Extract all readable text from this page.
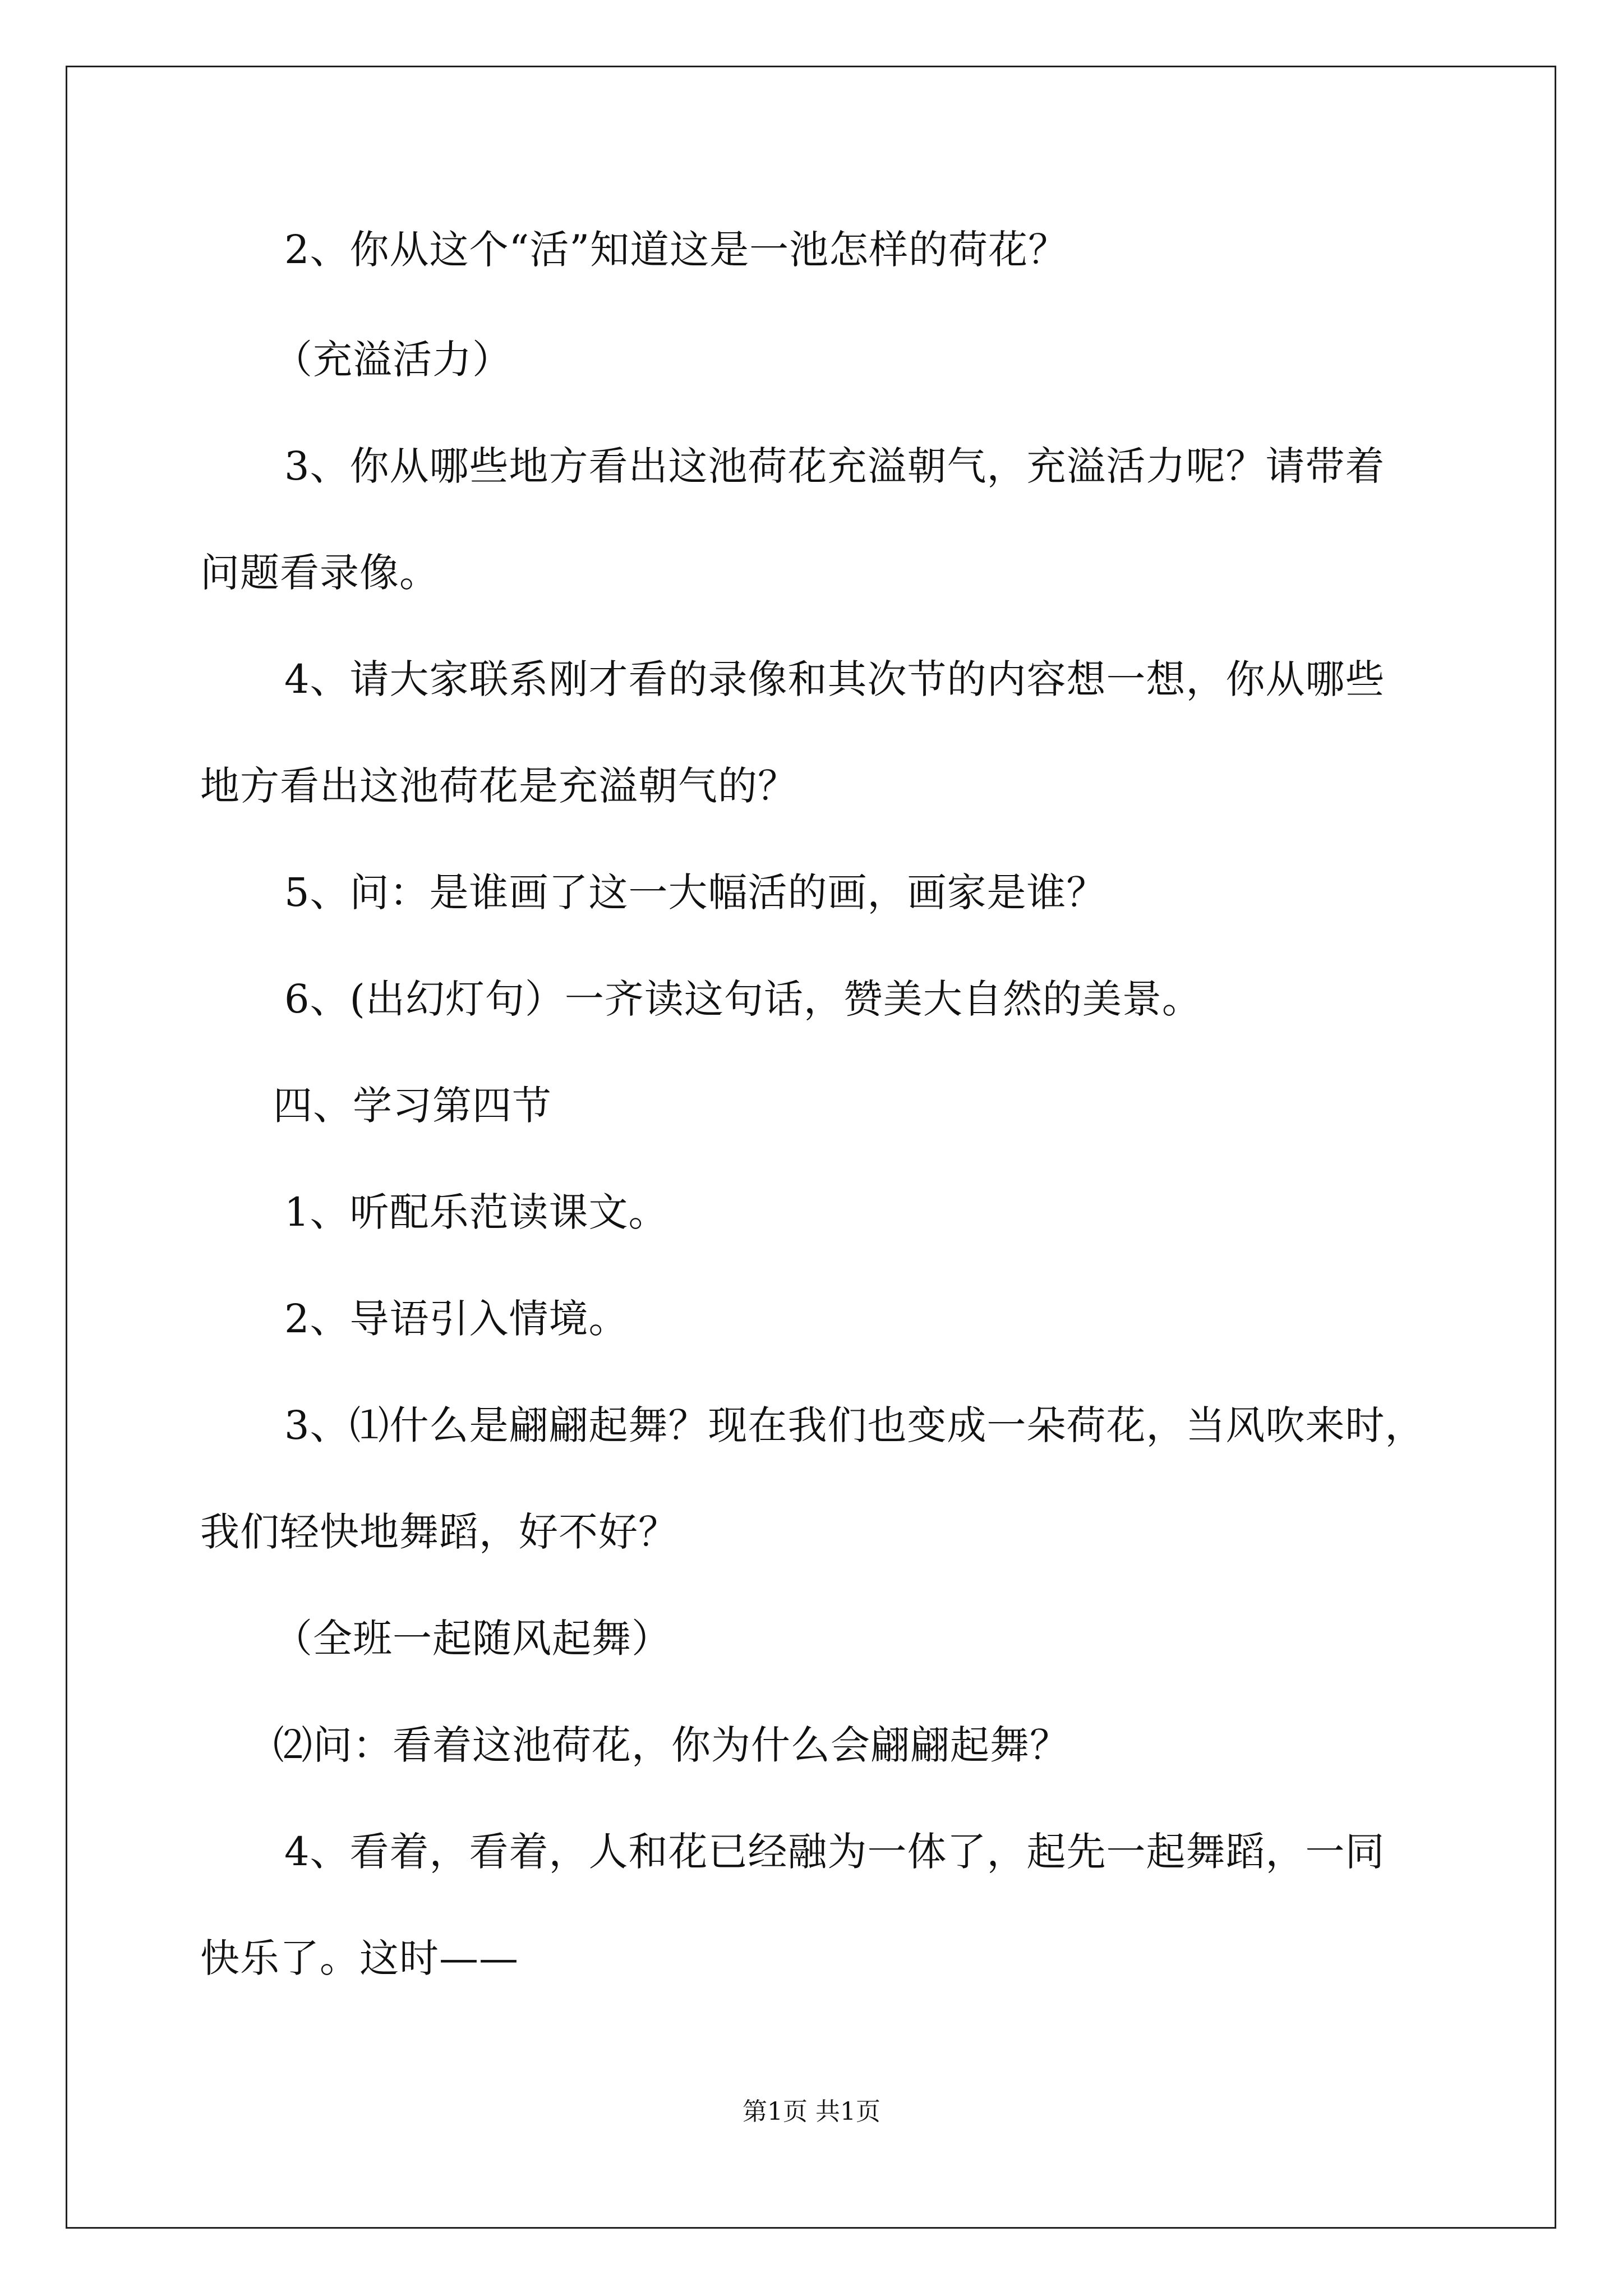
2、你从这个“活”知道这是一池怎样的荷花？
（充溢活力）
3、你从哪些地方看出这池荷花充溢朝气，充溢活力呢？请带着
问题看录像。
4、请大家联系刚才看的录像和其次节的内容想一想，你从哪些
地方看出这池荷花是充溢朝气的？
5、问：是谁画了这一大幅活的画，画家是谁？
6、(出幻灯句）一齐读这句话，赞美大自然的美景。
四、学习第四节
1、听配乐范读课文。
2、导语引入情境。
3、⑴什么是翩翩起舞？现在我们也变成一朵荷花，当风吹来时，
我们轻快地舞蹈，好不好？
（全班一起随风起舞）
⑵问：看着这池荷花，你为什么会翩翩起舞？
4、看着，看着，人和花已经融为一体了，起先一起舞蹈，一同
快乐了。这时——
第1页 共1页
